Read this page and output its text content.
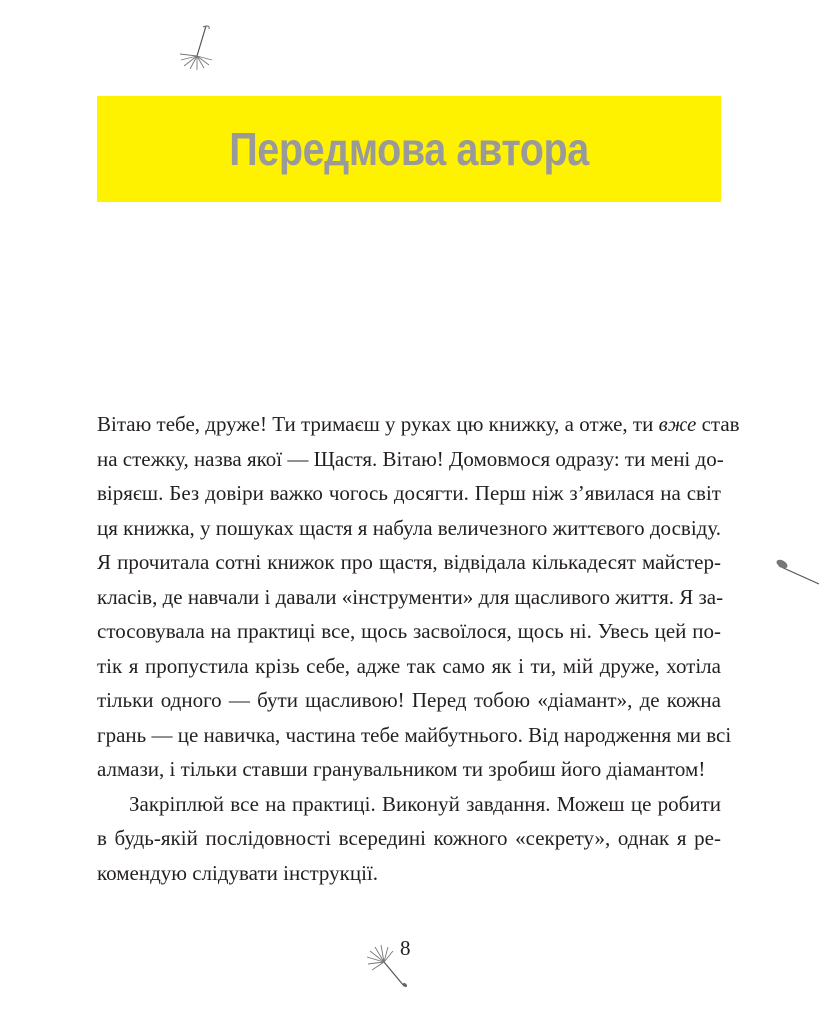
Передмова автора
Вітаю тебе, друже! Ти тримаєш у руках цю книжку, а отже, ти вже став
на стежку, назва якої — Щастя. Вітаю! Домовмося одразу: ти мені до-
віряєш. Без довіри важко чогось досягти. Перш ніж з’явилася на світ
ця книжка, у пошуках щастя я набула величезного життєвого досвіду.
Я прочитала сотні книжок про щастя, відвідала кількадесят майстер-
класів, де навчали і давали «інструменти» для щасливого життя. Я за-
стосовувала на практиці все, щось засвоїлося, щось ні. Увесь цей по-
тік я пропустила крізь себе, адже так само як і ти, мій друже, хотіла
тільки одного — бути щасливою! Перед тобою «діамант», де кожна
грань — це навичка, частина тебе майбутнього. Від народження ми всі
алмази, і тільки ставши гранувальником ти зробиш його діамантом!
Закріплюй все на практиці. Виконуй завдання. Можеш це робити
в будь-якій послідовності всередині кожного «секрету», однак я ре-
комендую слідувати інструкції.
8
